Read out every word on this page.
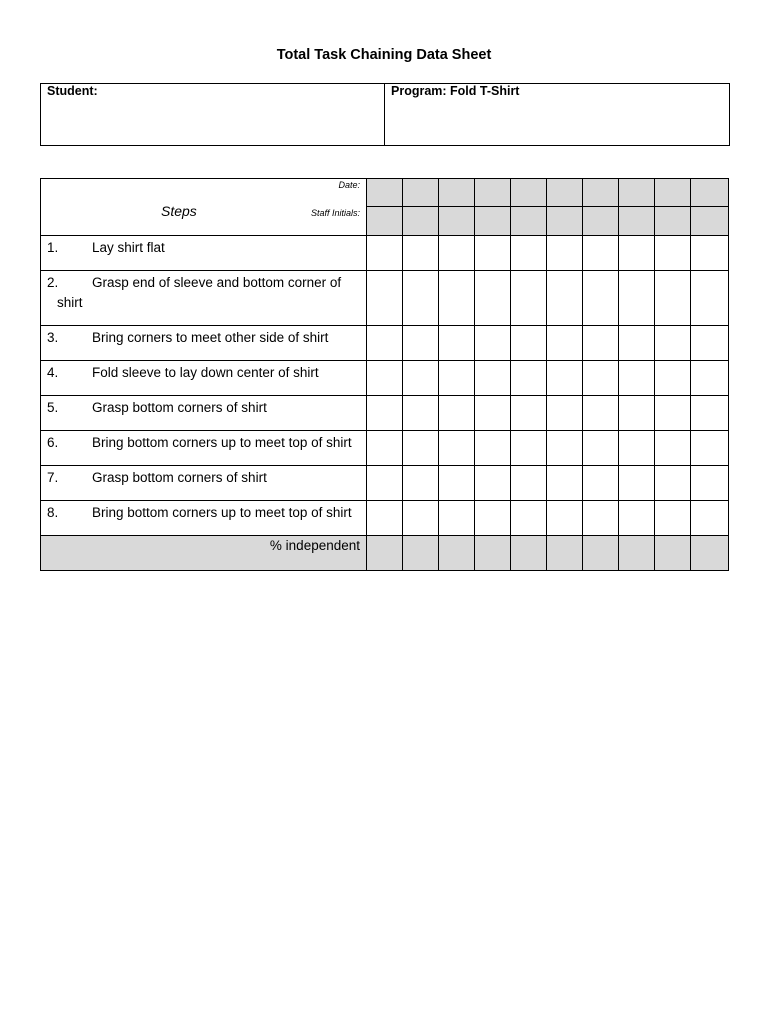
Total Task Chaining Data Sheet
Student:	Program: Fold T-Shirt
Date:
Steps Staff Initials:										

1. Lay shirt flat										
2. Grasp end of sleeve and bottom corner of
shirt										

3. Bring corners to meet other side of shirt										
4. Fold sleeve to lay down center of shirt										
5. Grasp bottom corners of shirt										
6. Bring bottom corners up to meet top of shirt										
7. Grasp bottom corners of shirt										
8. Bring bottom corners up to meet top of shirt										
% independent										
